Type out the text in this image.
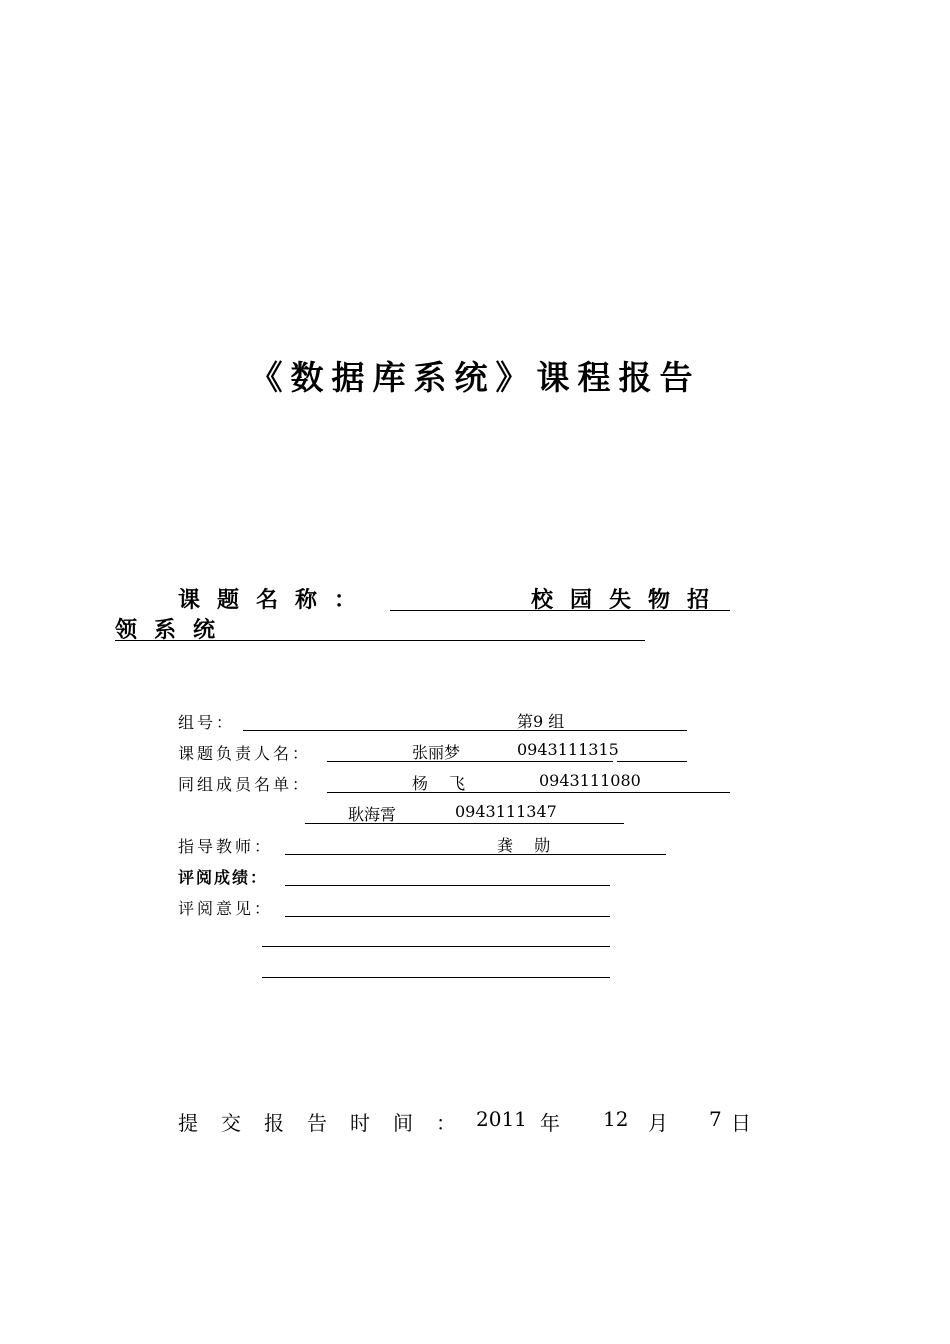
《数据库系统》课程报告
课题名称：	校园失物招
领系统
组号：	第9 组
课题负责人名：	张丽梦	0943111315
同组成员名单：	杨　 飞	0943111080
耿海霄	0943111347
指导教师：	龚　 勋
评阅成绩：
评阅意见：
提 交 报 告 时 间 ： 2011 年 12 月 7 日
